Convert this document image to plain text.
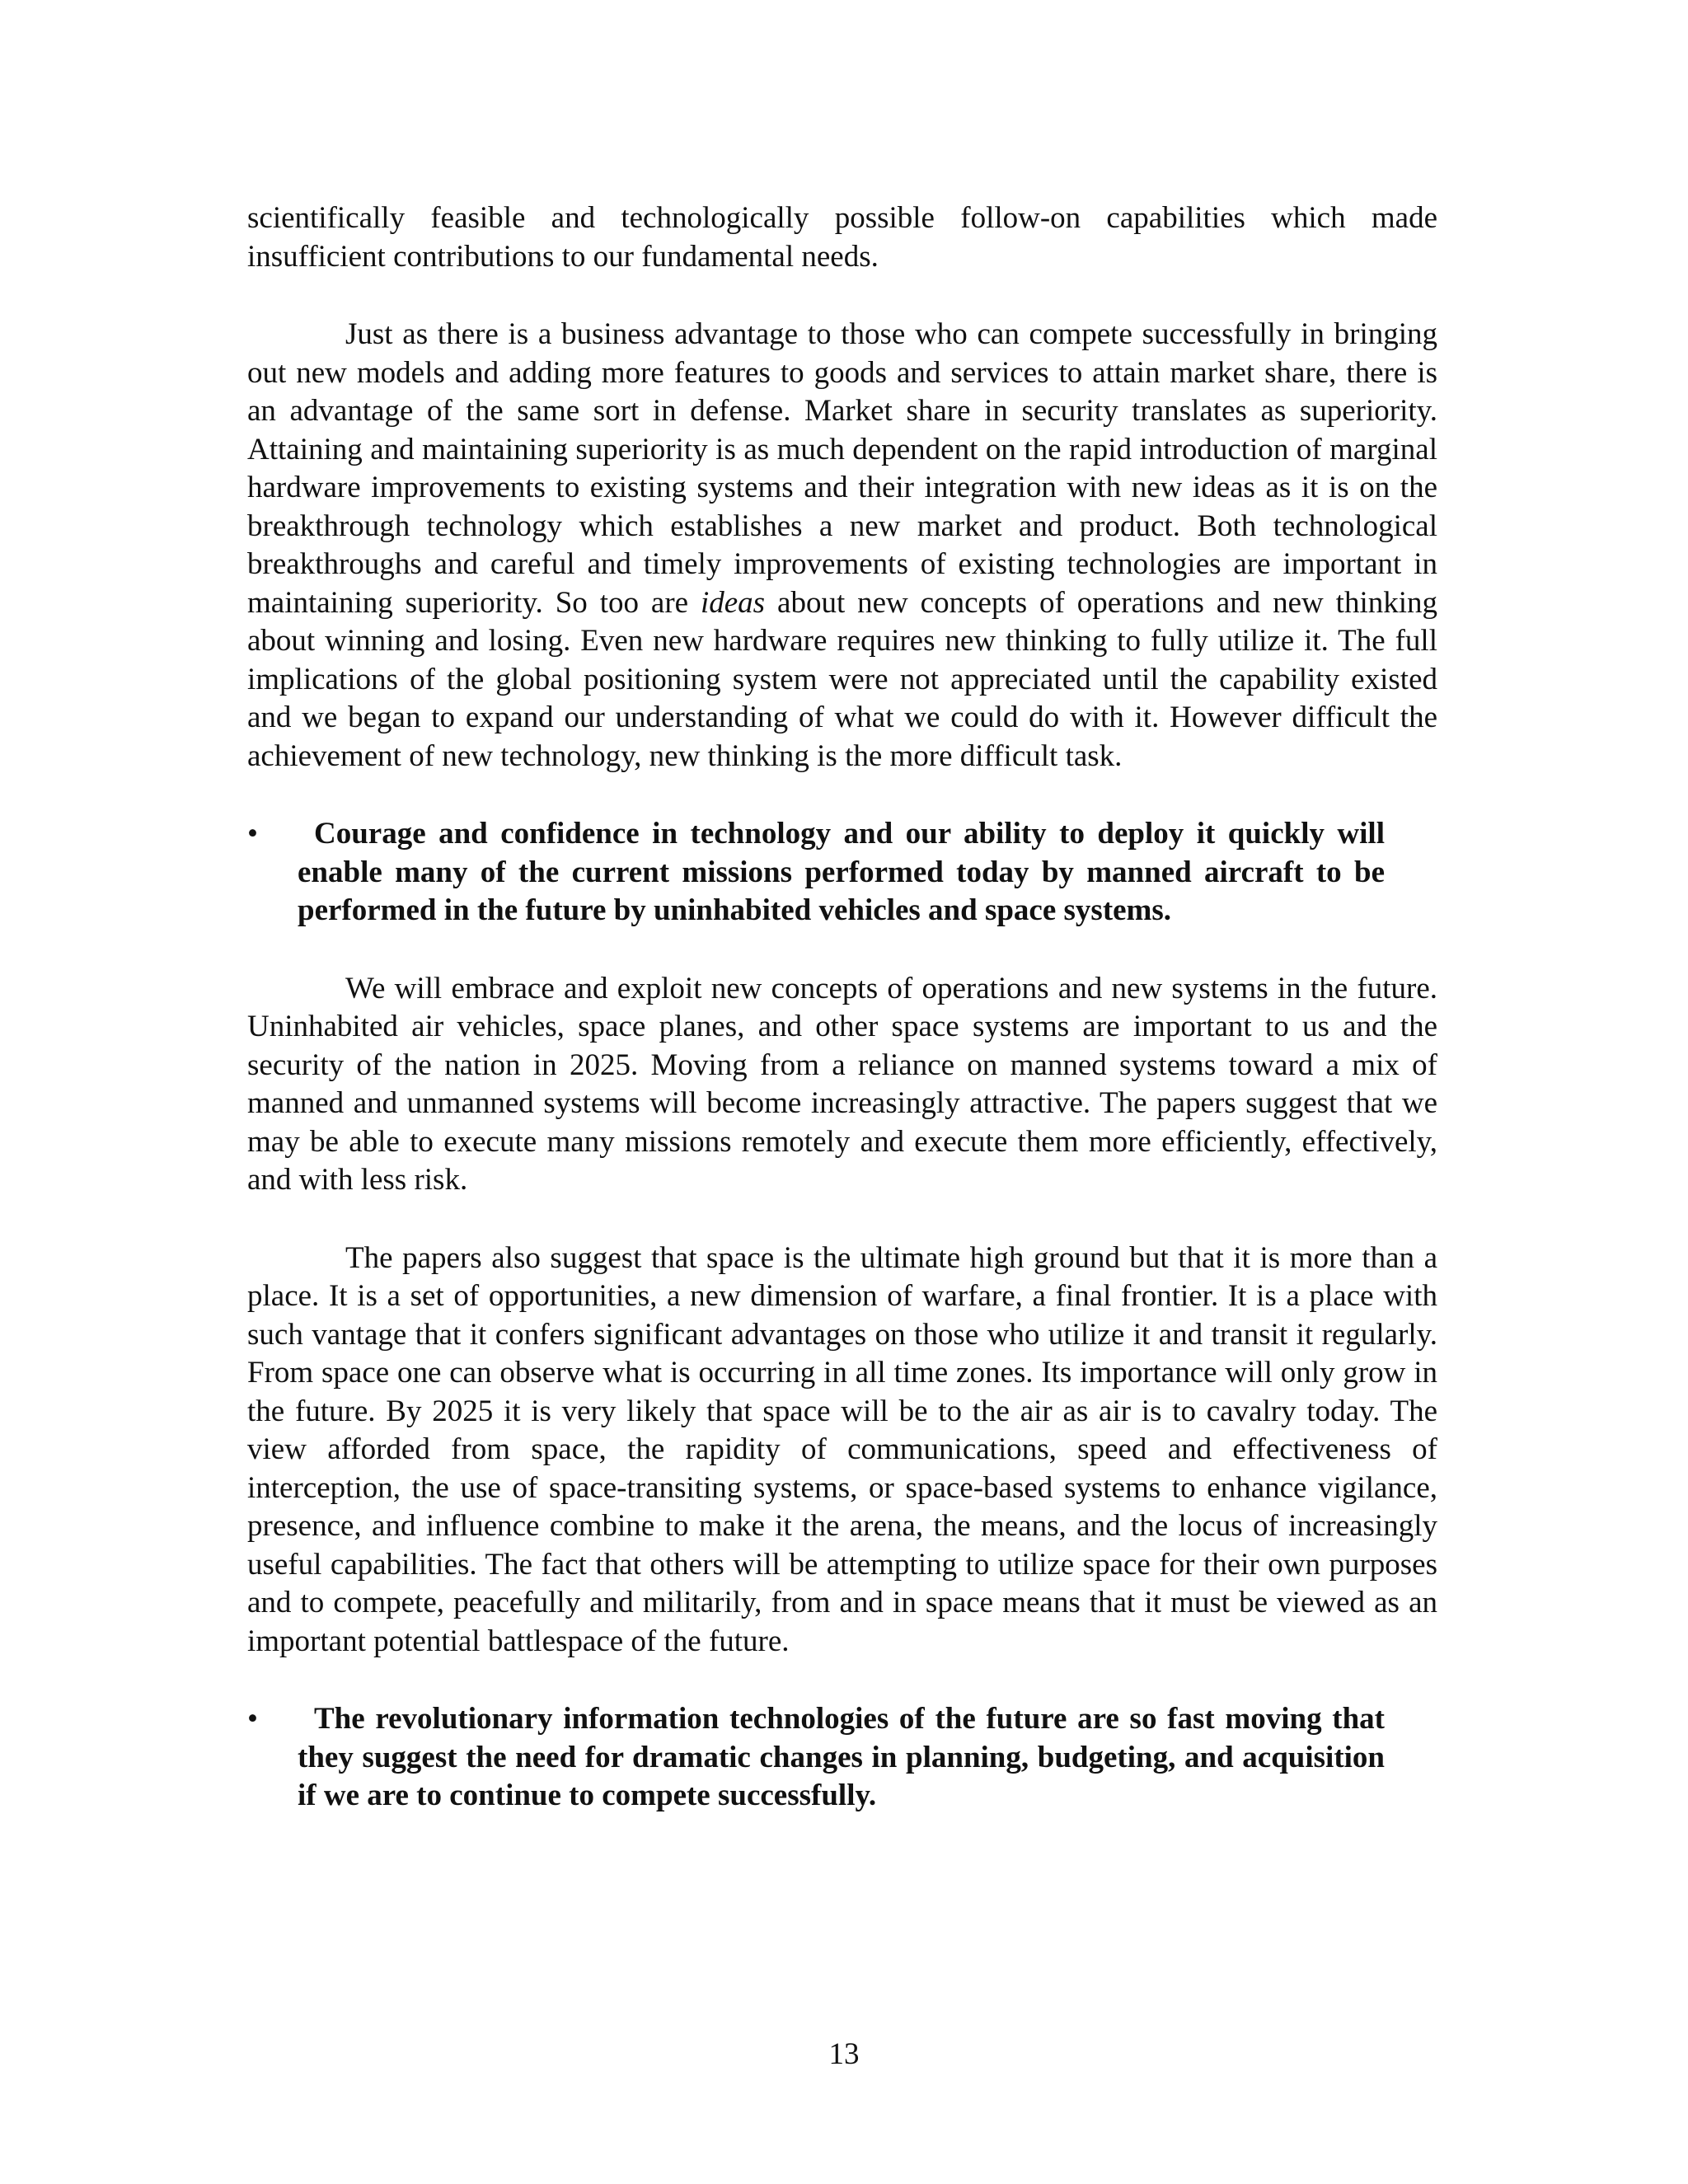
scientifically feasible and technologically possible follow-on capabilities which made insufficient contributions to our fundamental needs.

Just as there is a business advantage to those who can compete successfully in bringing out new models and adding more features to goods and services to attain market share, there is an advantage of the same sort in defense. Market share in security translates as superiority. Attaining and maintaining superiority is as much dependent on the rapid introduction of marginal hardware improvements to existing systems and their integration with new ideas as it is on the breakthrough technology which establishes a new market and product. Both technological breakthroughs and careful and timely improvements of existing technologies are important in maintaining superiority. So too are ideas about new concepts of operations and new thinking about winning and losing. Even new hardware requires new thinking to fully utilize it. The full implications of the global positioning system were not appreciated until the capability existed and we began to expand our understanding of what we could do with it. However difficult the achievement of new technology, new thinking is the more difficult task.

•	Courage and confidence in technology and our ability to deploy it quickly will enable many of the current missions performed today by manned aircraft to be performed in the future by uninhabited vehicles and space systems.

We will embrace and exploit new concepts of operations and new systems in the future. Uninhabited air vehicles, space planes, and other space systems are important to us and the security of the nation in 2025. Moving from a reliance on manned systems toward a mix of manned and unmanned systems will become increasingly attractive. The papers suggest that we may be able to execute many missions remotely and execute them more efficiently, effectively, and with less risk.

The papers also suggest that space is the ultimate high ground but that it is more than a place. It is a set of opportunities, a new dimension of warfare, a final frontier. It is a place with such vantage that it confers significant advantages on those who utilize it and transit it regularly. From space one can observe what is occurring in all time zones. Its importance will only grow in the future. By 2025 it is very likely that space will be to the air as air is to cavalry today. The view afforded from space, the rapidity of communications, speed and effectiveness of interception, the use of space-transiting systems, or space-based systems to enhance vigilance, presence, and influence combine to make it the arena, the means, and the locus of increasingly useful capabilities. The fact that others will be attempting to utilize space for their own purposes and to compete, peacefully and militarily, from and in space means that it must be viewed as an important potential battlespace of the future.

•	The revolutionary information technologies of the future are so fast moving that they suggest the need for dramatic changes in planning, budgeting, and acquisition if we are to continue to compete successfully.
13
